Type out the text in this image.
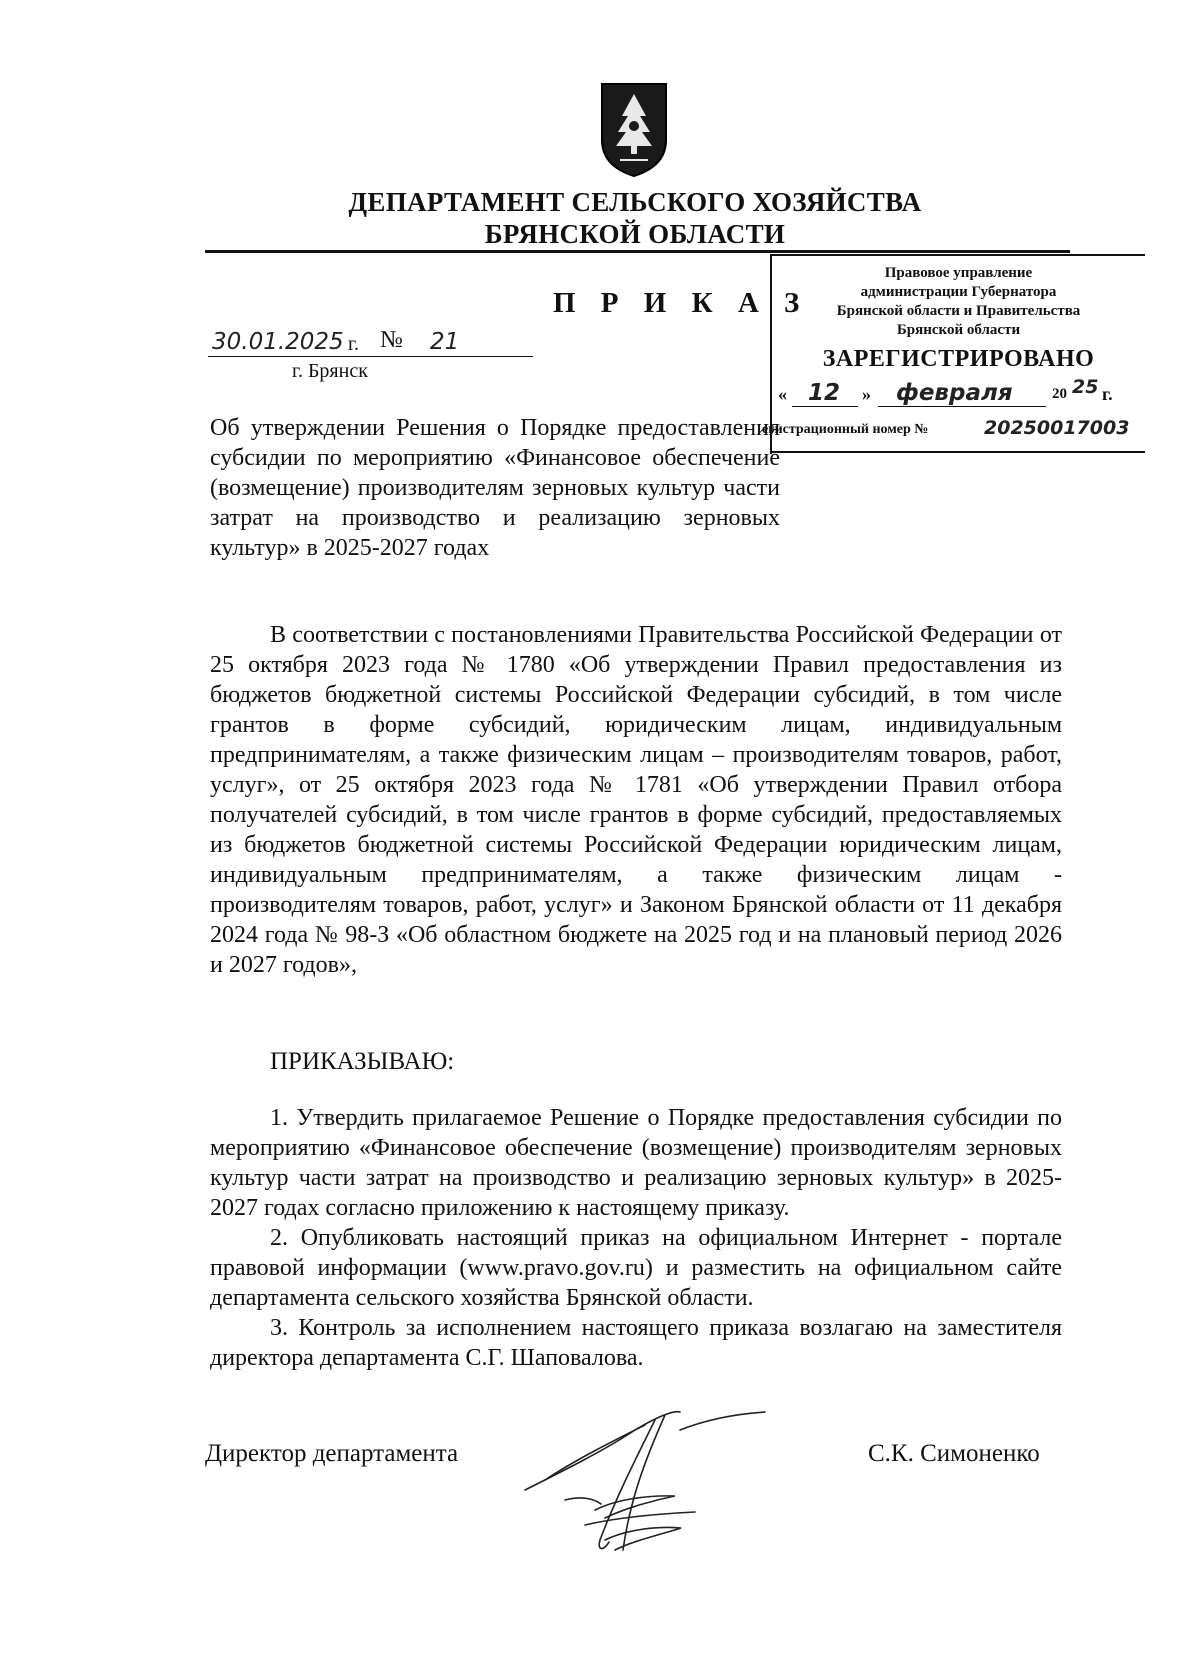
ДЕПАРТАМЕНТ СЕЛЬСКОГО ХОЗЯЙСТВА
БРЯНСКОЙ ОБЛАСТИ
П Р И К А З
30.01.2025 г. № 21
г. Брянск
Правовое управление
администрации Губернатора
Брянской области и Правительства
Брянской области
ЗАРЕГИСТРИРОВАНО
« 12 » февраля	20 25 г.
егистрационный номер №	20250017003
Об утверждении Решения о Порядке предоставления субсидии по мероприятию «Финансовое обеспечение (возмещение) производителям зерновых культур части затрат на производство и реализацию зерновых культур» в 2025-2027 годах
В соответствии с постановлениями Правительства Российской Федерации от 25 октября 2023 года № 1780 «Об утверждении Правил предоставления из бюджетов бюджетной системы Российской Федерации субсидий, в том числе грантов в форме субсидий, юридическим лицам, индивидуальным предпринимателям, а также физическим лицам – производителям товаров, работ, услуг», от 25 октября 2023 года № 1781 «Об утверждении Правил отбора получателей субсидий, в том числе грантов в форме субсидий, предоставляемых из бюджетов бюджетной системы Российской Федерации юридическим лицам, индивидуальным предпринимателям, а также физическим лицам - производителям товаров, работ, услуг» и Законом Брянской области от 11 декабря 2024 года № 98-З «Об областном бюджете на 2025 год и на плановый период 2026 и 2027 годов»,
ПРИКАЗЫВАЮ:

1. Утвердить прилагаемое Решение о Порядке предоставления субсидии по мероприятию «Финансовое обеспечение (возмещение) производителям зерновых культур части затрат на производство и реализацию зерновых культур» в 2025-2027 годах согласно приложению к настоящему приказу.

2. Опубликовать настоящий приказ на официальном Интернет - портале правовой информации (www.pravo.gov.ru) и разместить на официальном сайте департамента сельского хозяйства Брянской области.

3. Контроль за исполнением настоящего приказа возлагаю на заместителя директора департамента С.Г. Шаповалова.

Директор департамента	С.К. Симоненко
